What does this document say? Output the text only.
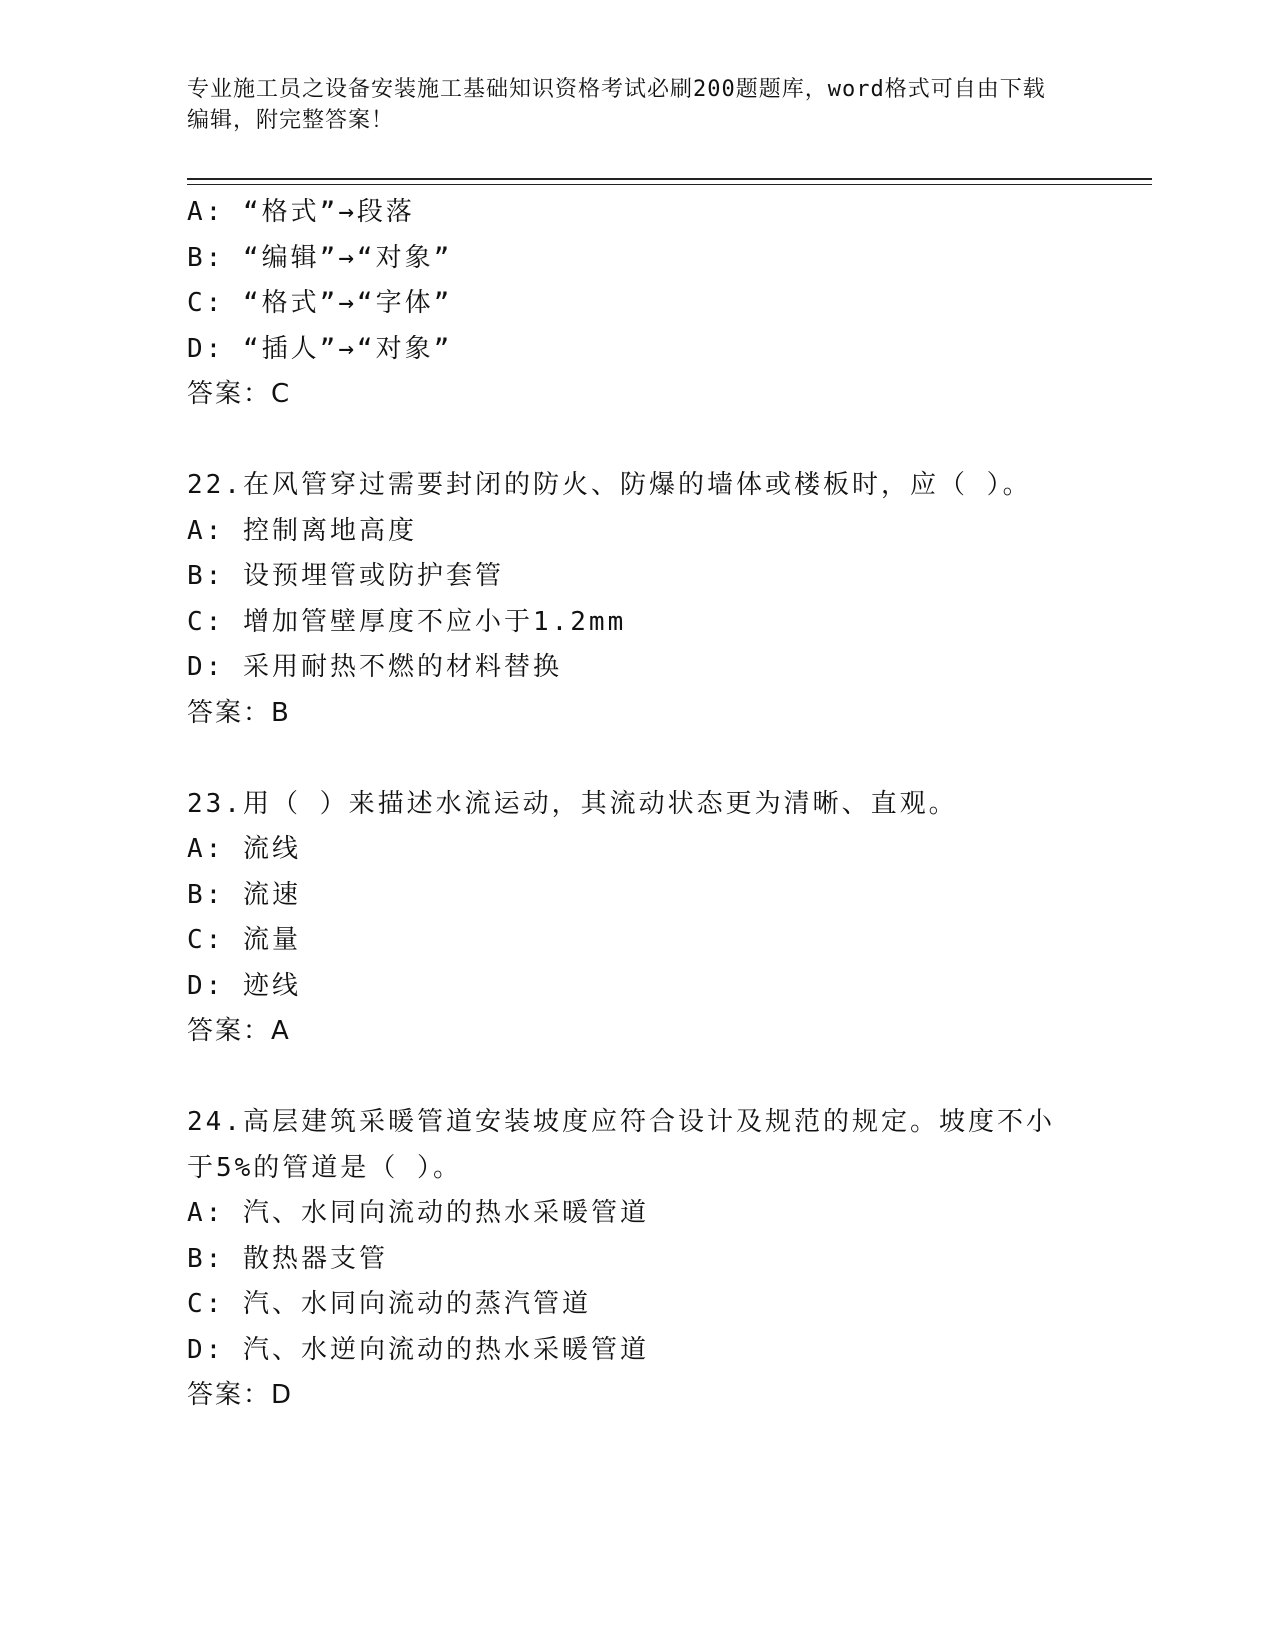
专业施工员之设备安装施工基础知识资格考试必刷200题题库，word格式可自由下载编辑，附完整答案！
A: “格式”→段落
B: “编辑”→“对象”
C: “格式”→“字体”
D: “插人”→“对象”
答案：C
22.在风管穿过需要封闭的防火、防爆的墙体或楼板时，应（ ）。
A: 控制离地高度
B: 设预埋管或防护套管
C: 增加管壁厚度不应小于1.2mm
D: 采用耐热不燃的材料替换
答案：B
23.用（ ）来描述水流运动，其流动状态更为清晰、直观。
A: 流线
B: 流速
C: 流量
D: 迹线
答案：A
24.高层建筑采暖管道安装坡度应符合设计及规范的规定。坡度不小于5%的管道是（ ）。
A: 汽、水同向流动的热水采暖管道
B: 散热器支管
C: 汽、水同向流动的蒸汽管道
D: 汽、水逆向流动的热水采暖管道
答案：D
